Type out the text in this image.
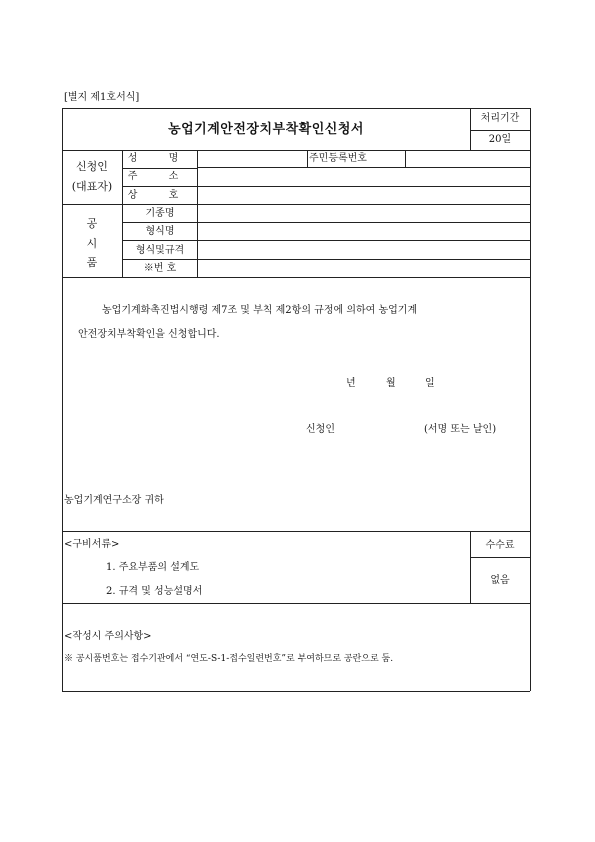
[별지 제1호서식]
농업기계안전장치부착확인신청서
처리기간
20일
신청인
(대표자)
성 명	주민등록번호
주 소
상 호
공
시
품
기종명
형식명
형식및규격
※번 호
농업기계화촉진법시행령 제7조 및 부칙 제2항의 규정에 의하여 농업기계
안전장치부착확인을 신청합니다.
년	월	일
신청인	(서명 또는 날인)
농업기계연구소장 귀하
<구비서류>
1. 주요부품의 설계도
2. 규격 및 성능설명서
수수료
없음
<작성시 주의사항>
※ 공시품번호는 접수기관에서 “연도-S-1-접수일련번호”로 부여하므로 공란으로 둠.
